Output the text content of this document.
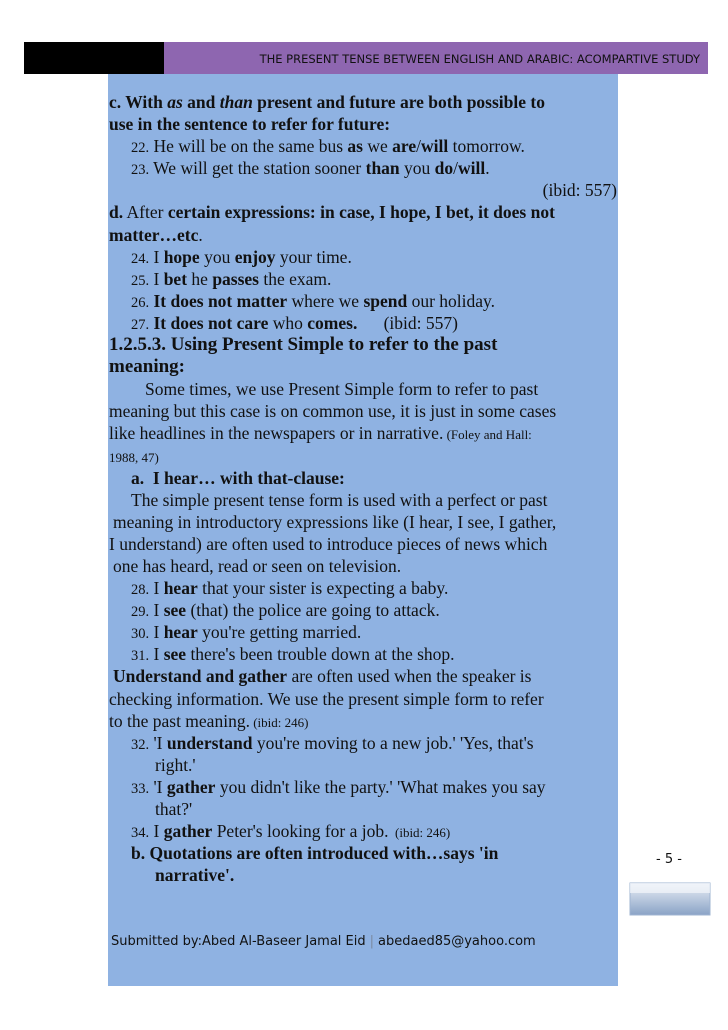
THE PRESENT TENSE BETWEEN ENGLISH AND ARABIC: ACOMPARTIVE STUDY
c. With as and than present and future are both possible to
use in the sentence to refer for future:
22. He will be on the same bus as we are/will tomorrow.
23. We will get the station sooner than you do/will.
(ibid: 557)
d. After certain expressions: in case, I hope, I bet, it does not
matter…etc.
24. I hope you enjoy your time.
25. I bet he passes the exam.
26. It does not matter where we spend our holiday.
27. It does not care who comes.      (ibid: 557)
1.2.5.3. Using Present Simple to refer to the past
meaning:
Some times, we use Present Simple form to refer to past
meaning but this case is on common use, it is just in some cases
like headlines in the newspapers or in narrative. (Foley and Hall:
1988, 47)
a.  I hear… with that-clause:
The simple present tense form is used with a perfect or past
meaning in introductory expressions like (I hear, I see, I gather,
I understand) are often used to introduce pieces of news which
one has heard, read or seen on television.
28. I hear that your sister is expecting a baby.
29. I see (that) the police are going to attack.
30. I hear you're getting married.
31. I see there's been trouble down at the shop.
Understand and gather are often used when the speaker is
checking information. We use the present simple form to refer
to the past meaning. (ibid: 246)
32. 'I understand you're moving to a new job.' 'Yes, that's
right.'
33. 'I gather you didn't like the party.' 'What makes you say
that?'
34. I gather Peter's looking for a job.  (ibid: 246)
b. Quotations are often introduced with…says 'in
narrative'.
- 5 -
Submitted by:Abed Al-Baseer Jamal Eid | abedaed85@yahoo.com
